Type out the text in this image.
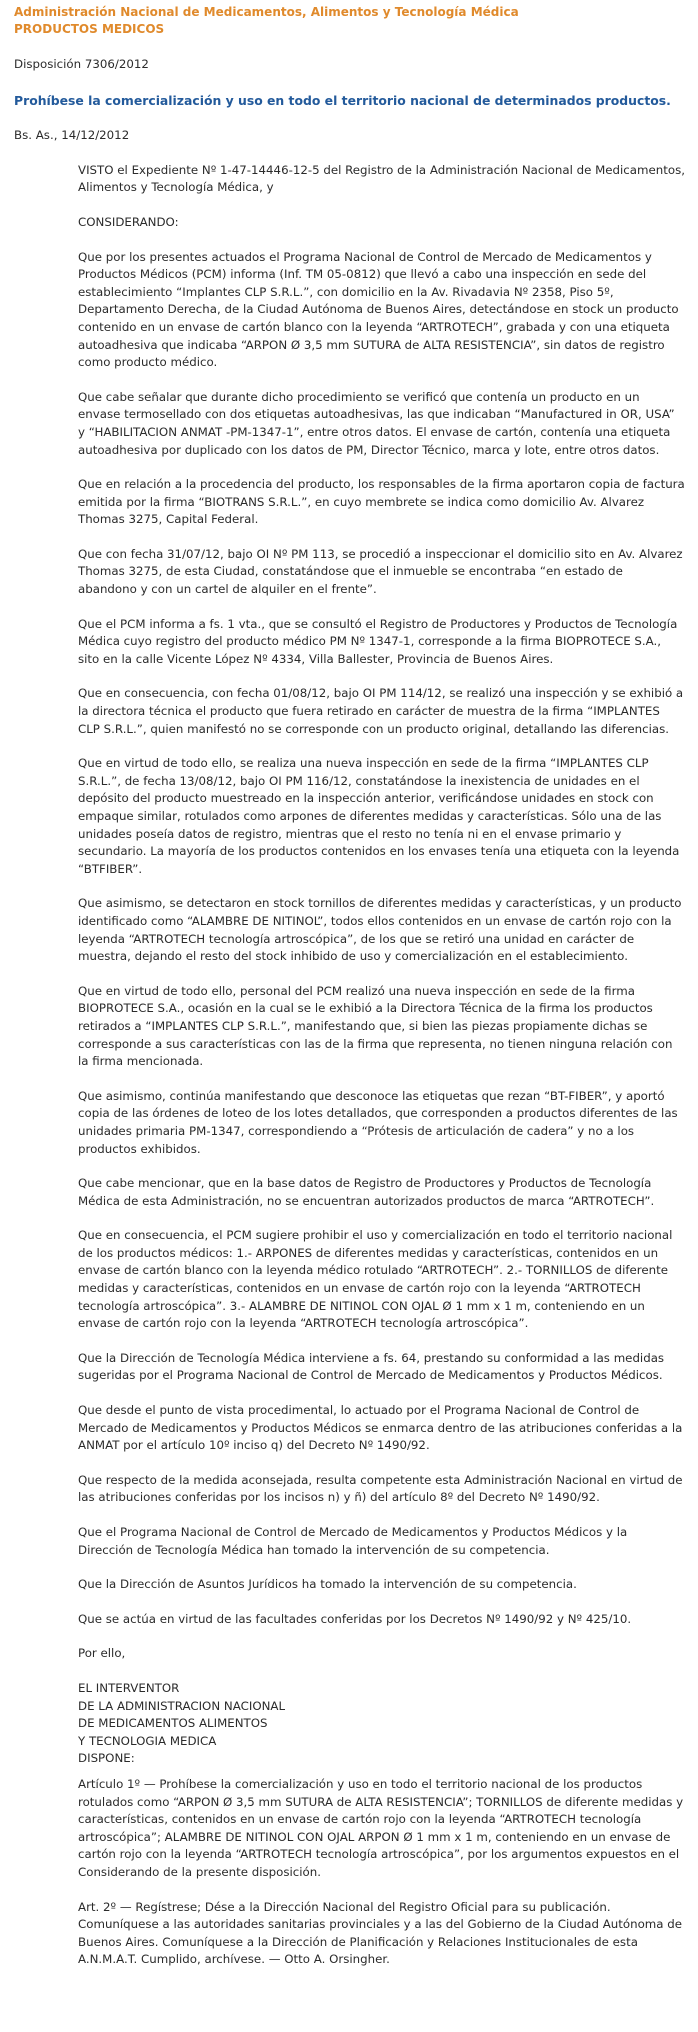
Administración Nacional de Medicamentos, Alimentos y Tecnología Médica
PRODUCTOS MEDICOS
Disposición 7306/2012
Prohíbese la comercialización y uso en todo el territorio nacional de determinados productos.
Bs. As., 14/12/2012
VISTO el Expediente Nº 1-47-14446-12-5 del Registro de la Administración Nacional de Medicamentos, Alimentos y Tecnología Médica, y
CONSIDERANDO:
Que por los presentes actuados el Programa Nacional de Control de Mercado de Medicamentos y Productos Médicos (PCM) informa (Inf. TM 05-0812) que llevó a cabo una inspección en sede del establecimiento “Implantes CLP S.R.L.”, con domicilio en la Av. Rivadavia Nº 2358, Piso 5º, Departamento Derecha, de la Ciudad Autónoma de Buenos Aires, detectándose en stock un producto contenido en un envase de cartón blanco con la leyenda “ARTROTECH”, grabada y con una etiqueta autoadhesiva que indicaba “ARPON Ø 3,5 mm SUTURA de ALTA RESISTENCIA”, sin datos de registro como producto médico.
Que cabe señalar que durante dicho procedimiento se verificó que contenía un producto en un envase termosellado con dos etiquetas autoadhesivas, las que indicaban “Manufactured in OR, USA” y “HABILITACION ANMAT -PM-1347-1”, entre otros datos. El envase de cartón, contenía una etiqueta autoadhesiva por duplicado con los datos de PM, Director Técnico, marca y lote, entre otros datos.
Que en relación a la procedencia del producto, los responsables de la firma aportaron copia de factura emitida por la firma “BIOTRANS S.R.L.”, en cuyo membrete se indica como domicilio Av. Alvarez Thomas 3275, Capital Federal.
Que con fecha 31/07/12, bajo OI Nº PM 113, se procedió a inspeccionar el domicilio sito en Av. Alvarez Thomas 3275, de esta Ciudad, constatándose que el inmueble se encontraba “en estado de abandono y con un cartel de alquiler en el frente”.
Que el PCM informa a fs. 1 vta., que se consultó el Registro de Productores y Productos de Tecnología Médica cuyo registro del producto médico PM Nº 1347-1, corresponde a la firma BIOPROTECE S.A., sito en la calle Vicente López Nº 4334, Villa Ballester, Provincia de Buenos Aires.
Que en consecuencia, con fecha 01/08/12, bajo OI PM 114/12, se realizó una inspección y se exhibió a la directora técnica el producto que fuera retirado en carácter de muestra de la firma “IMPLANTES CLP S.R.L.”, quien manifestó no se corresponde con un producto original, detallando las diferencias.
Que en virtud de todo ello, se realiza una nueva inspección en sede de la firma “IMPLANTES CLP S.R.L.”, de fecha 13/08/12, bajo OI PM 116/12, constatándose la inexistencia de unidades en el depósito del producto muestreado en la inspección anterior, verificándose unidades en stock con empaque similar, rotulados como arpones de diferentes medidas y características. Sólo una de las unidades poseía datos de registro, mientras que el resto no tenía ni en el envase primario y secundario. La mayoría de los productos contenidos en los envases tenía una etiqueta con la leyenda “BTFIBER”.
Que asimismo, se detectaron en stock tornillos de diferentes medidas y características, y un producto identificado como “ALAMBRE DE NITINOL”, todos ellos contenidos en un envase de cartón rojo con la leyenda “ARTROTECH tecnología artroscópica”, de los que se retiró una unidad en carácter de muestra, dejando el resto del stock inhibido de uso y comercialización en el establecimiento.
Que en virtud de todo ello, personal del PCM realizó una nueva inspección en sede de la firma BIOPROTECE S.A., ocasión en la cual se le exhibió a la Directora Técnica de la firma los productos retirados a “IMPLANTES CLP S.R.L.”, manifestando que, si bien las piezas propiamente dichas se corresponde a sus características con las de la firma que representa, no tienen ninguna relación con la firma mencionada.
Que asimismo, continúa manifestando que desconoce las etiquetas que rezan “BT-FIBER”, y aportó copia de las órdenes de loteo de los lotes detallados, que corresponden a productos diferentes de las unidades primaria PM-1347, correspondiendo a “Prótesis de articulación de cadera” y no a los productos exhibidos.
Que cabe mencionar, que en la base datos de Registro de Productores y Productos de Tecnología Médica de esta Administración, no se encuentran autorizados productos de marca “ARTROTECH”.
Que en consecuencia, el PCM sugiere prohibir el uso y comercialización en todo el territorio nacional de los productos médicos: 1.- ARPONES de diferentes medidas y características, contenidos en un envase de cartón blanco con la leyenda médico rotulado “ARTROTECH”. 2.- TORNILLOS de diferente medidas y características, contenidos en un envase de cartón rojo con la leyenda “ARTROTECH tecnología artroscópica”. 3.- ALAMBRE DE NITINOL CON OJAL Ø 1 mm x 1 m, conteniendo en un envase de cartón rojo con la leyenda “ARTROTECH tecnología artroscópica”.
Que la Dirección de Tecnología Médica interviene a fs. 64, prestando su conformidad a las medidas sugeridas por el Programa Nacional de Control de Mercado de Medicamentos y Productos Médicos.
Que desde el punto de vista procedimental, lo actuado por el Programa Nacional de Control de Mercado de Medicamentos y Productos Médicos se enmarca dentro de las atribuciones conferidas a la ANMAT por el artículo 10º inciso q) del Decreto Nº 1490/92.
Que respecto de la medida aconsejada, resulta competente esta Administración Nacional en virtud de las atribuciones conferidas por los incisos n) y ñ) del artículo 8º del Decreto Nº 1490/92.
Que el Programa Nacional de Control de Mercado de Medicamentos y Productos Médicos y la Dirección de Tecnología Médica han tomado la intervención de su competencia.
Que la Dirección de Asuntos Jurídicos ha tomado la intervención de su competencia.
Que se actúa en virtud de las facultades conferidas por los Decretos Nº 1490/92 y Nº 425/10.
Por ello,
EL INTERVENTOR
DE LA ADMINISTRACION NACIONAL
DE MEDICAMENTOS ALIMENTOS
Y TECNOLOGIA MEDICA
DISPONE:
Artículo 1º — Prohíbese la comercialización y uso en todo el territorio nacional de los productos rotulados como “ARPON Ø 3,5 mm SUTURA de ALTA RESISTENCIA”; TORNILLOS de diferente medidas y características, contenidos en un envase de cartón rojo con la leyenda “ARTROTECH tecnología artroscópica”; ALAMBRE DE NITINOL CON OJAL ARPON Ø 1 mm x 1 m, conteniendo en un envase de cartón rojo con la leyenda “ARTROTECH tecnología artroscópica”, por los argumentos expuestos en el Considerando de la presente disposición.
Art. 2º — Regístrese; Dése a la Dirección Nacional del Registro Oficial para su publicación. Comuníquese a las autoridades sanitarias provinciales y a las del Gobierno de la Ciudad Autónoma de Buenos Aires. Comuníquese a la Dirección de Planificación y Relaciones Institucionales de esta A.N.M.A.T. Cumplido, archívese. — Otto A. Orsingher.
